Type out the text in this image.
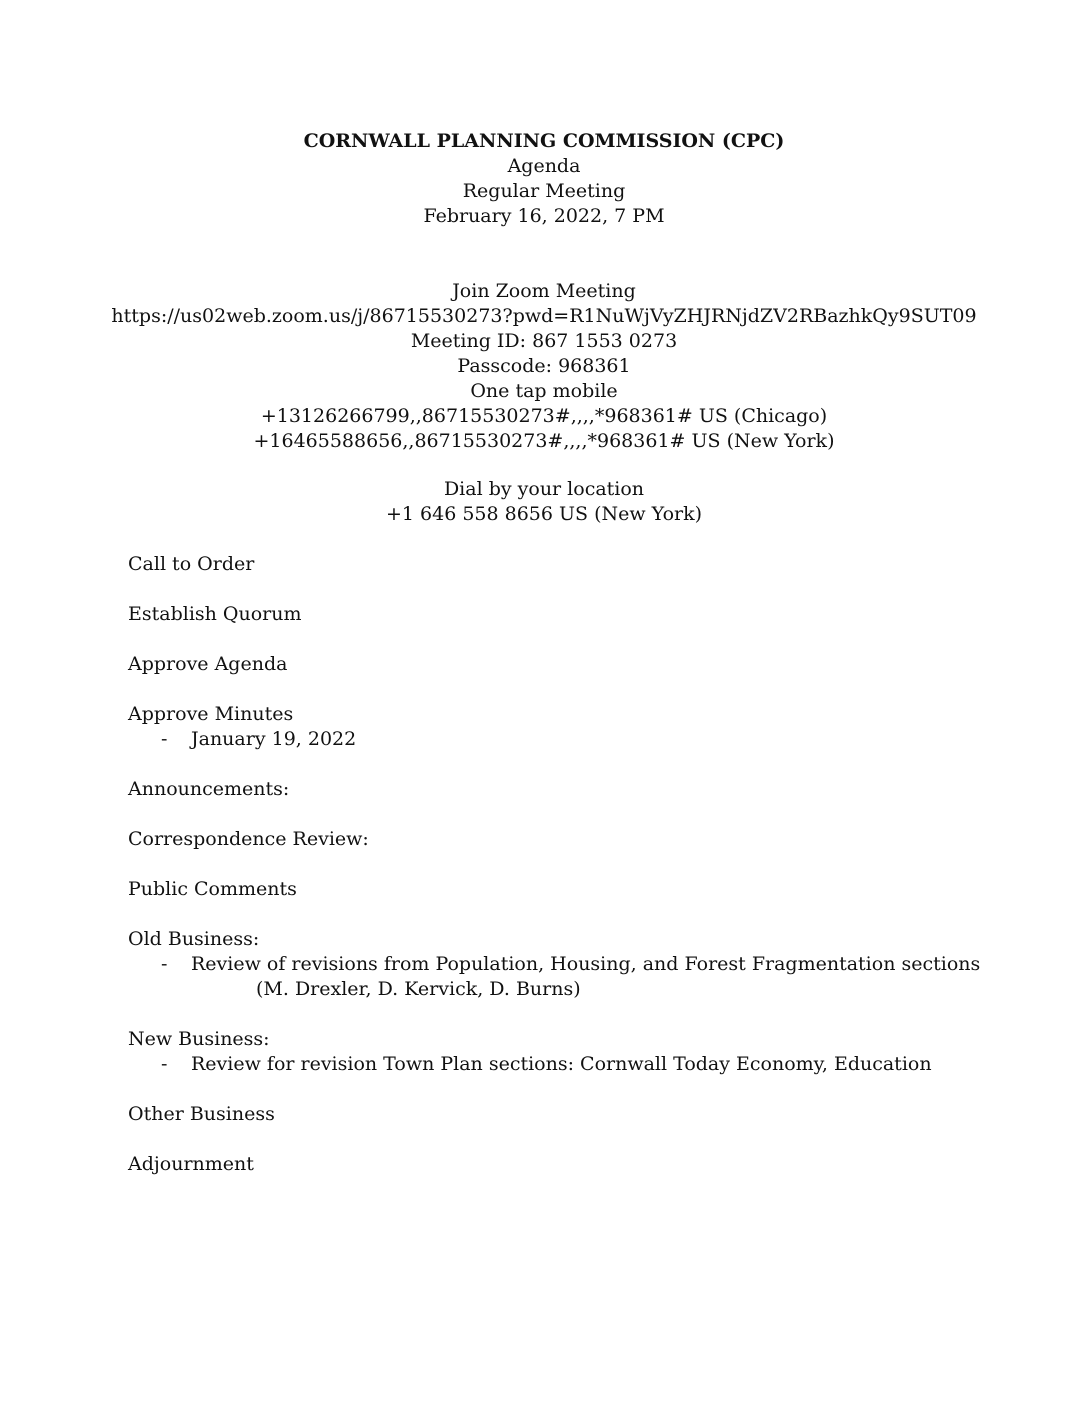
CORNWALL PLANNING COMMISSION (CPC)
Agenda
Regular Meeting
February 16, 2022, 7 PM
Join Zoom Meeting
https://us02web.zoom.us/j/86715530273?pwd=R1NuWjVyZHJRNjdZV2RBazhkQy9SUT09
Meeting ID: 867 1553 0273
Passcode: 968361
One tap mobile
+13126266799,,86715530273#,,,,*968361# US (Chicago)
+16465588656,,86715530273#,,,,*968361# US (New York)
Dial by your location
+1 646 558 8656 US (New York)
Call to Order
Establish Quorum
Approve Agenda
Approve Minutes
- January 19, 2022
Announcements:
Correspondence Review:
Public Comments
Old Business:
- Review of revisions from Population, Housing, and Forest Fragmentation sections
(M. Drexler, D. Kervick, D. Burns)
New Business:
- Review for revision Town Plan sections: Cornwall Today Economy, Education
Other Business
Adjournment
